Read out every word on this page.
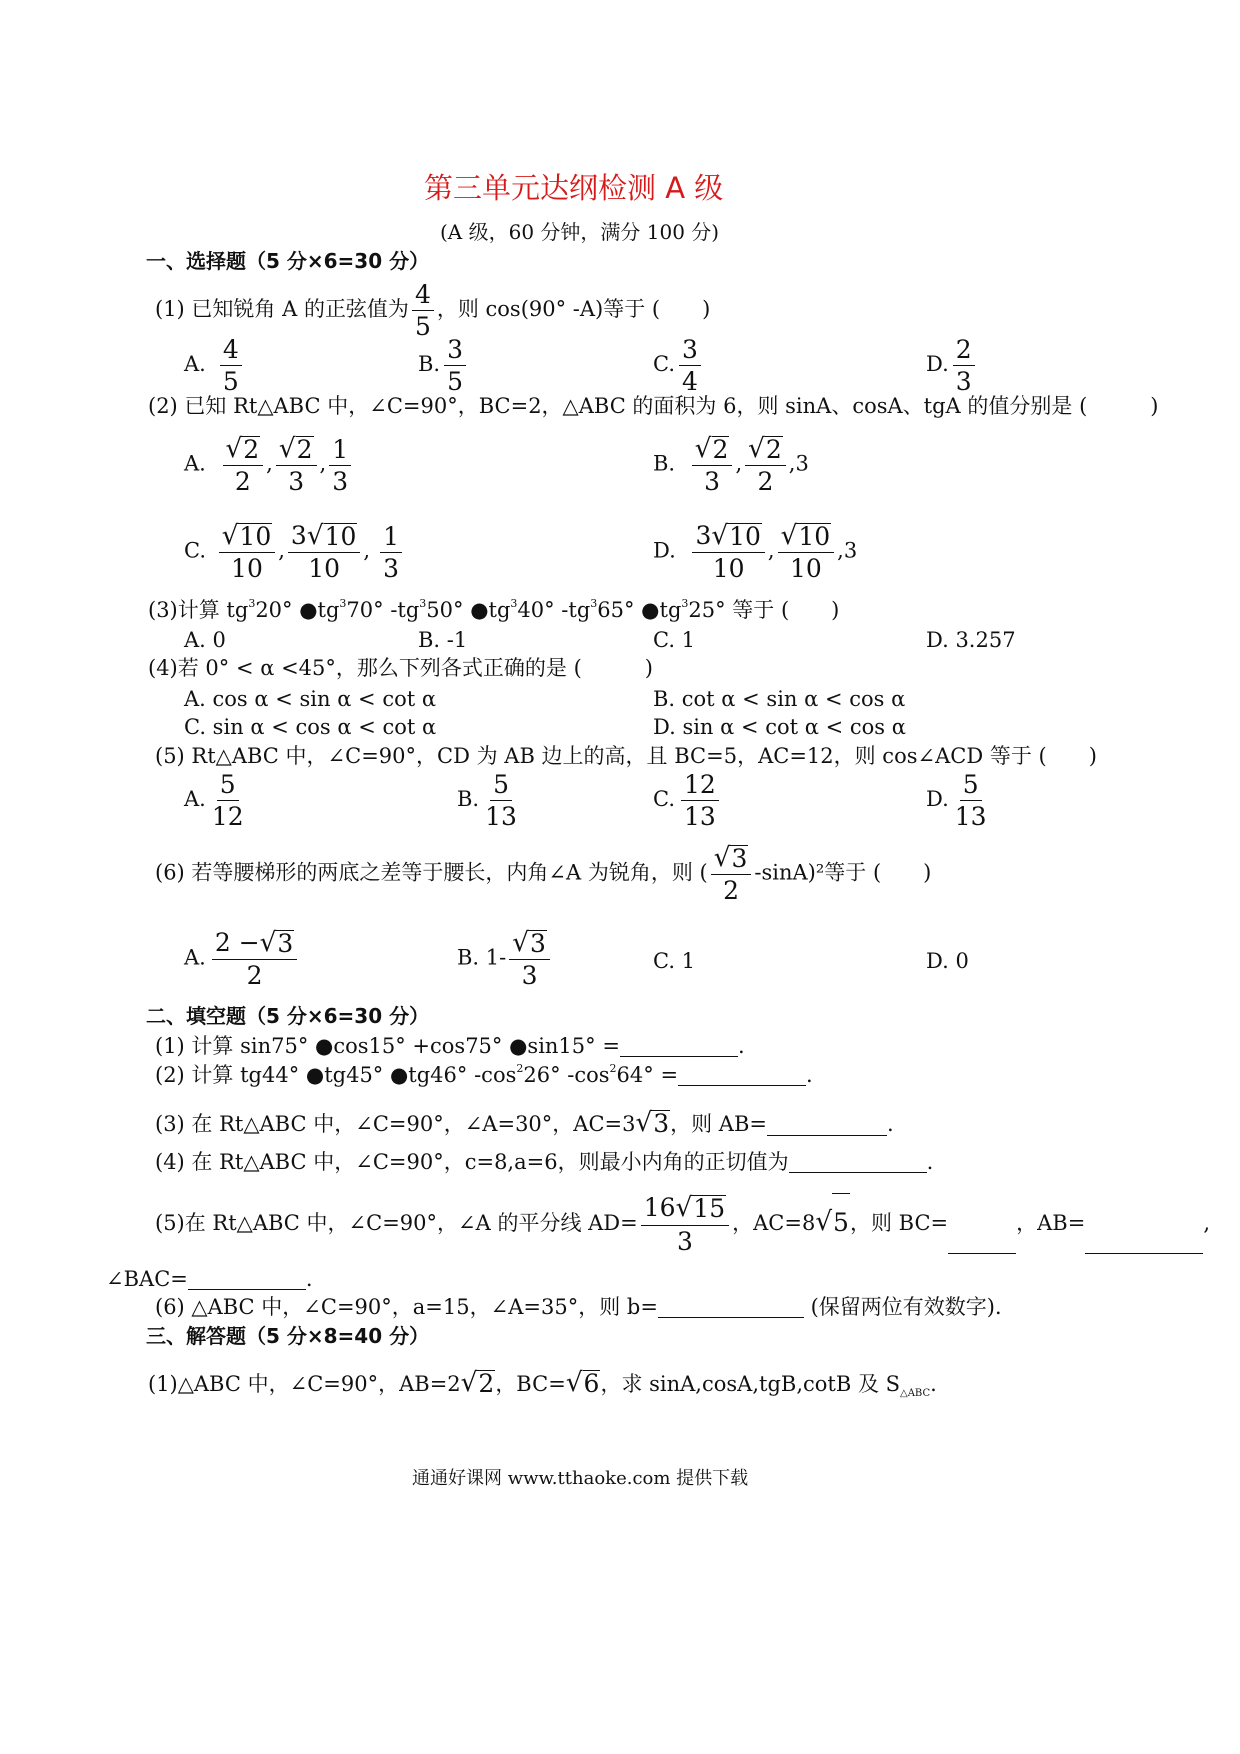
第三单元达纲检测 A 级
(A 级，60 分钟，满分 100 分)
一、选择题（5 分×6=30 分）
(1) 已知锐角 A 的正弦值为 $\frac{4}{5}$ ，则 cos(90° -A)等于 (　　)
A. $\frac{4}{5}$	B. $\frac{3}{5}$	C. $\frac{3}{4}$	D. $\frac{2}{3}$
(2) 已知 Rt△ABC 中，∠C=90°，BC=2，△ABC 的面积为 6，则 sinA、cosA、tgA 的值分别是 (　　　)
A. $\frac{√ 2}{2}$ , $\frac{√ 2}{3}$ , $\frac{1}{3}$	B. $\frac{√ 2}{3}$ , $\frac{√ 2}{2} ,3$
C. $\frac{√ 10}{10}$ , $\frac{3 √ 10}{10}$ , $\frac{1}{3}$	D. $\frac{3 √ 10}{10}$ , $\frac{√ 10}{10} ,3$
(3)计算 $tg^320^\circ$ $●tg^370^\circ$ $-tg^350^\circ$ $●tg^340^\circ$ $-tg^365^\circ$ $●tg^325^\circ$ 等于 (　　)
A. 0	B. -1	C. 1	D. 3.257
(4)若 0° < α <45°，那么下列各式正确的是 (　　　)
A. cos α < sin α < cot α	B. cot α < sin α < cos α
C. sin α < cos α < cot α	D. sin α < cot α < cos α
(5) Rt△ABC 中，∠C=90°，CD 为 AB 边上的高，且 BC=5，AC=12，则 cos∠ACD 等于 (　　)
A. $\frac{5}{12}$	B. $\frac{5}{13}$	C. $\frac{12}{13}$	D. $\frac{5}{13}$
(6) 若等腰梯形的两底之差等于腰长，内角∠A 为锐角，则 ( $\frac{√ 3}{2} -\sin A)^2$等于 (　　)
A. $\frac{2 - √ 3}{2}$	B. $1- \frac{√ 3}{3}$	C. 1	D. 0
二、填空题（5 分×6=30 分）
(1) 计算 sin75° ●cos15° +cos75° ●sin15° =	.
(2) 计算 tg44° ●tg45° ●tg46° $-\cos^226^\circ$ $-\cos^264^\circ$ =	.
(3) 在 Rt△ABC 中，∠C=90°，∠A=30°，AC=3 √ 3 ，则 AB=	.
(4) 在 Rt△ABC 中，∠C=90°，c=8,a=6，则最小内角的正切值为	.
(5)在 Rt△ABC 中，∠C=90°，∠A 的平分线 $AD= \frac{16 √ 15}{3}$ ，AC=8 √ 5 ，则 BC=	，AB=	,
∠BAC=	.
(6) △ABC 中，∠C=90°，a=15，∠A=35°，则 b=	(保留两位有效数字)．
三、解答题（5 分×8=40 分）
(1)△ABC 中，∠C=90°，AB=2 √ 2 ，BC= √ 6 ，求 sinA,cosA,tgB,cotB 及 $S_{\triangle ABC}$.
通通好课网 www.tthaoke.com 提供下载
